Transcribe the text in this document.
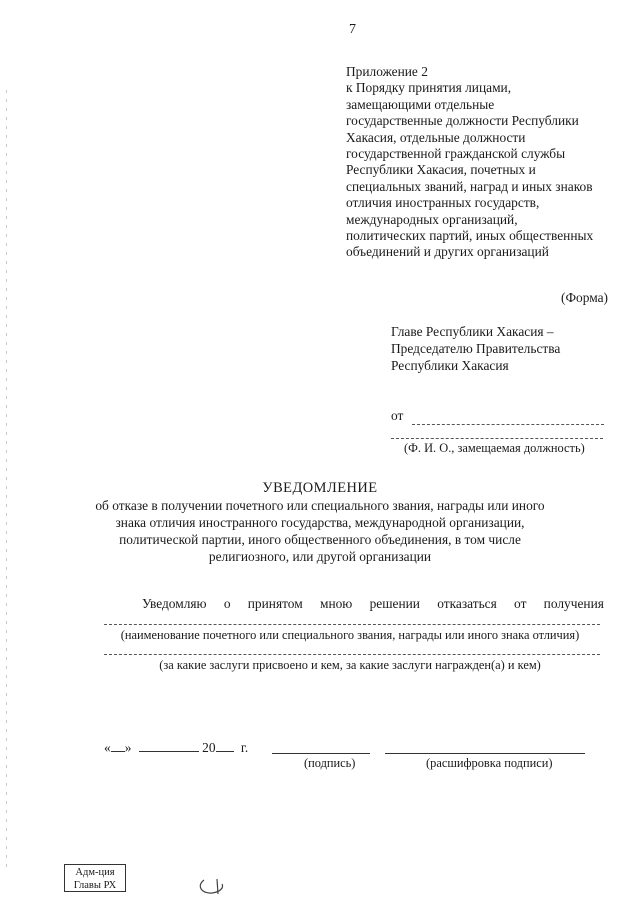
7
Приложение 2
к Порядку принятия лицами,
замещающими отдельные
государственные должности Республики
Хакасия, отдельные должности
государственной гражданской службы
Республики Хакасия, почетных и
специальных званий, наград и иных знаков
отличия иностранных государств,
международных организаций,
политических партий, иных общественных
объединений и других организаций
(Форма)
Главе Республики Хакасия –
Председателю Правительства
Республики Хакасия
от
(Ф. И. О., замещаемая должность)
УВЕДОМЛЕНИЕ
об отказе в получении почетного или специального звания, награды или иного
знака отличия иностранного государства, международной организации,
политической партии, иного общественного объединения, в том числе
религиозного, или другой организации
Уведомляю о принятом мною решении отказаться от получения
(наименование почетного или специального звания, награды или иного знака отличия)
(за какие заслуги присвоено и кем, за какие заслуги награжден(а) и кем)
« »	20 г.
(подпись)	(расшифровка подписи)
Адм-ция
Главы РХ
